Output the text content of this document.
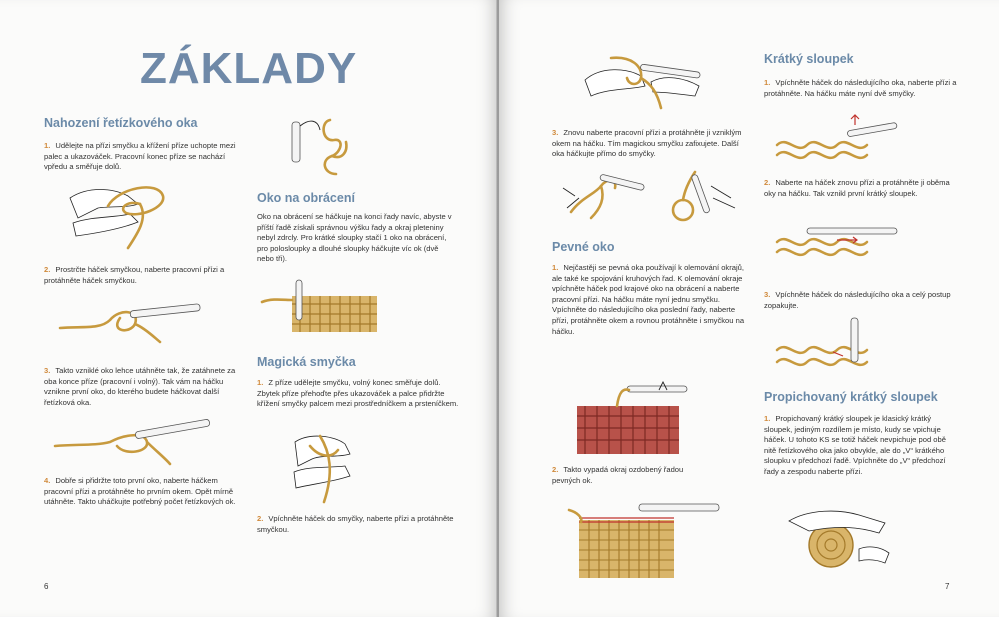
ZÁKLADY
Nahození řetízkového oka
1. Udělejte na přízi smyčku a křížení příze uchopte mezi palec a ukazováček. Pracovní konec příze se nachází vpředu a směřuje dolů.
2. Prostrčte háček smyčkou, naberte pracovní přízi a protáhněte háček smyčkou.
3. Takto vzniklé oko lehce utáhněte tak, že zatáhnete za oba konce příze (pracovní i volný). Tak vám na háčku vznikne první oko, do kterého budete háčkovat další řetízková oka.
4. Dobře si přidržte toto první oko, naberte háčkem pracovní přízi a protáhněte ho prvním okem. Opět mírně utáhněte. Takto uháčkujte potřebný počet řetízkových ok.
Oko na obrácení
Oko na obrácení se háčkuje na konci řady navíc, abyste v příští řadě získali správnou výšku řady a okraj pleteniny nebyl zdrcly. Pro krátké sloupky stačí 1 oko na obrácení, pro polosloupky a dlouhé sloupky háčkujte víc ok (dvě nebo tři).
Magická smyčka
1. Z příze udělejte smyčku, volný konec směřuje dolů. Zbytek příze přehoďte přes ukazováček a palce přidržte křížení smyčky palcem mezi prostředníčkem a prsteníčkem.
2. Vpíchněte háček do smyčky, naberte přízi a protáhněte smyčkou.
6
3. Znovu naberte pracovní přízi a protáhněte ji vzniklým okem na háčku. Tím magickou smyčku zafixujete. Další oka háčkujte přímo do smyčky.
Pevné oko
1. Nejčastěji se pevná oka používají k olemování okrajů, ale také ke spojování kruhových řad. K olemování okraje vpíchněte háček pod krajové oko na obrácení a naberte pracovní přízi. Na háčku máte nyní jednu smyčku. Vpíchněte do následujícího oka poslední řady, naberte přízi, protáhněte okem a rovnou protáhněte i smyčkou na háčku.
2. Takto vypadá okraj ozdobený řadou pevných ok.
Krátký sloupek
1. Vpíchněte háček do následujícího oka, naberte přízi a protáhněte. Na háčku máte nyní dvě smyčky.
2. Naberte na háček znovu přízi a protáhněte ji oběma oky na háčku. Tak vznikl první krátký sloupek.
3. Vpíchněte háček do následujícího oka a celý postup zopakujte.
Propichovaný krátký sloupek
1. Propichovaný krátký sloupek je klasický krátký sloupek, jediným rozdílem je místo, kudy se vpichuje háček. U tohoto KS se totiž háček nevpichuje pod obě nitě řetízkového oka jako obvykle, ale do „V“ krátkého sloupku v předchozí řadě. Vpíchněte do „V“ předchozí řady a zespodu naberte přízi.
7
